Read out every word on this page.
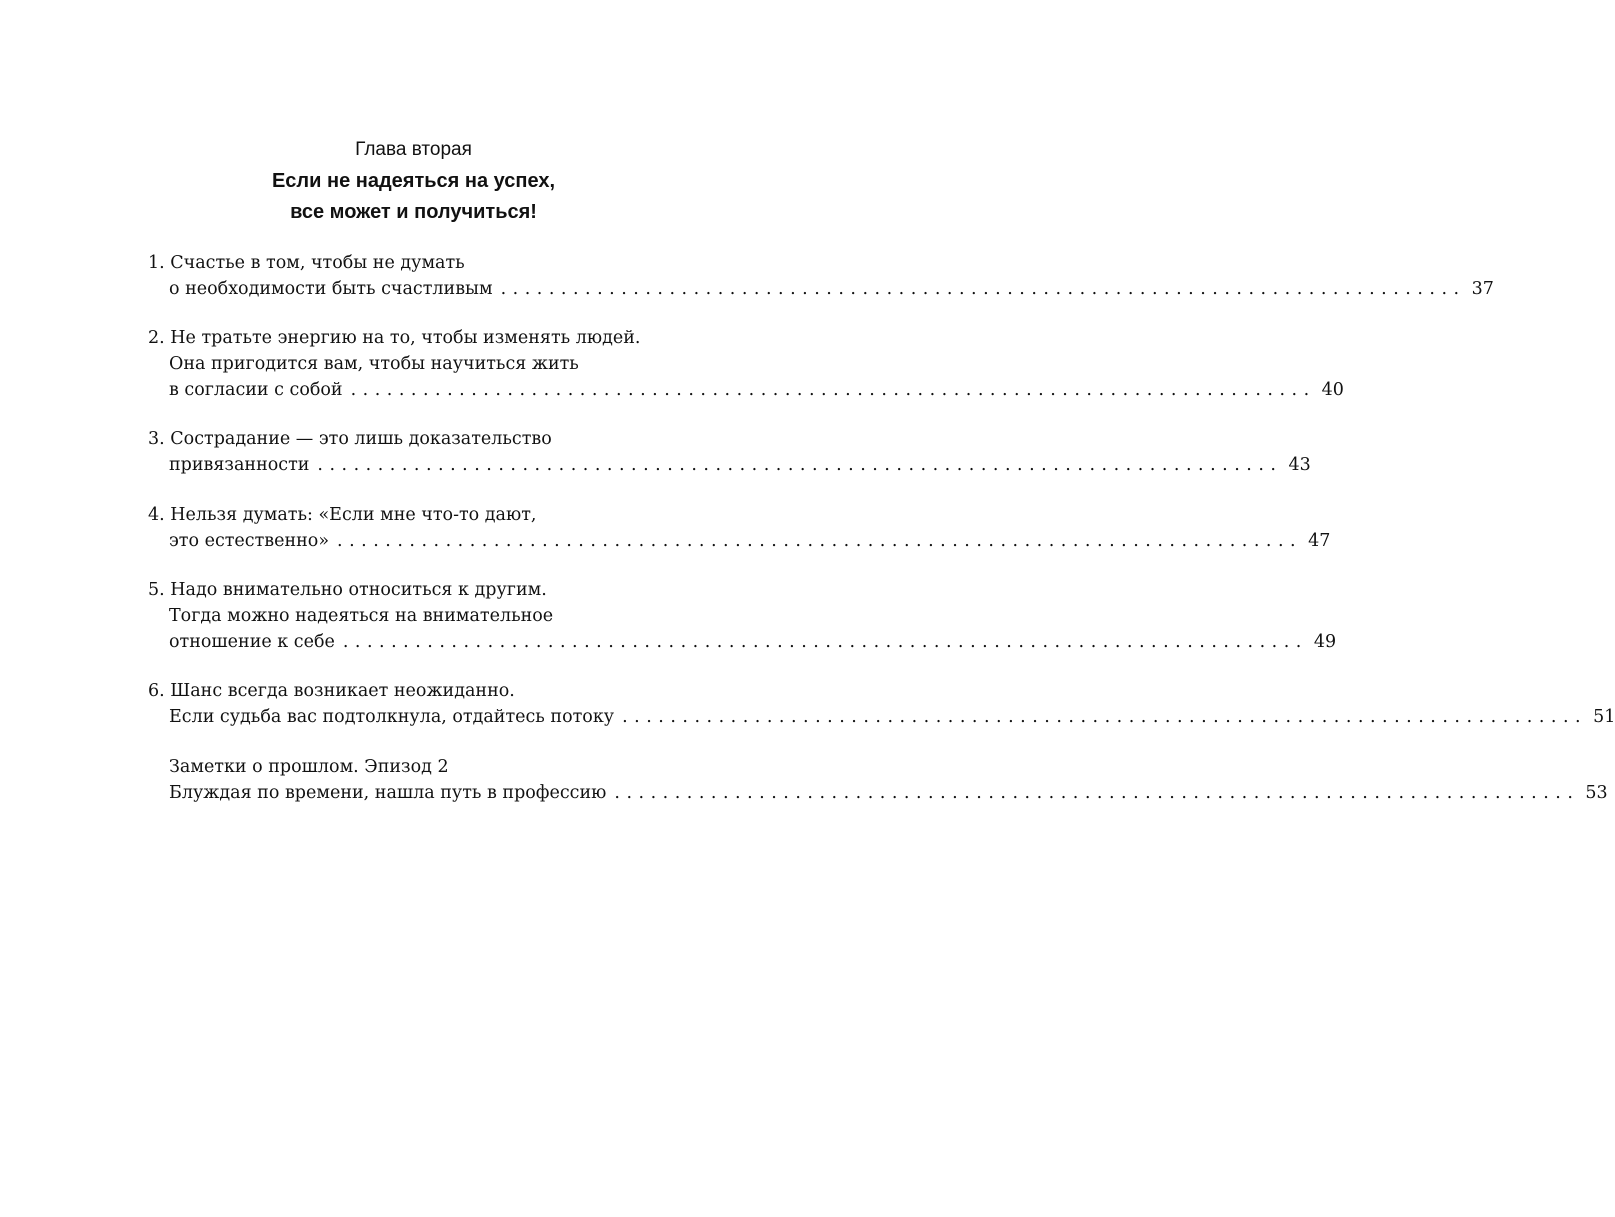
Глава вторая
Если не надеяться на успех,
все может и получиться!
1. Счастье в том, чтобы не думать
о необходимости быть счастливым ................................................................................ 37
2. Не тратьте энергию на то, чтобы изменять людей.
Она пригодится вам, чтобы научиться жить
в согласии с собой ................................................................................ 40
3. Сострадание — это лишь доказательство
привязанности ................................................................................ 43
4. Нельзя думать: «Если мне что-то дают,
это естественно» ................................................................................ 47
5. Надо внимательно относиться к другим.
Тогда можно надеяться на внимательное
отношение к себе ................................................................................ 49
6. Шанс всегда возникает неожиданно.
Если судьба вас подтолкнула, отдайтесь потоку ................................................................................ 51
Заметки о прошлом. Эпизод 2
Блуждая по времени, нашла путь в профессию ................................................................................ 53
